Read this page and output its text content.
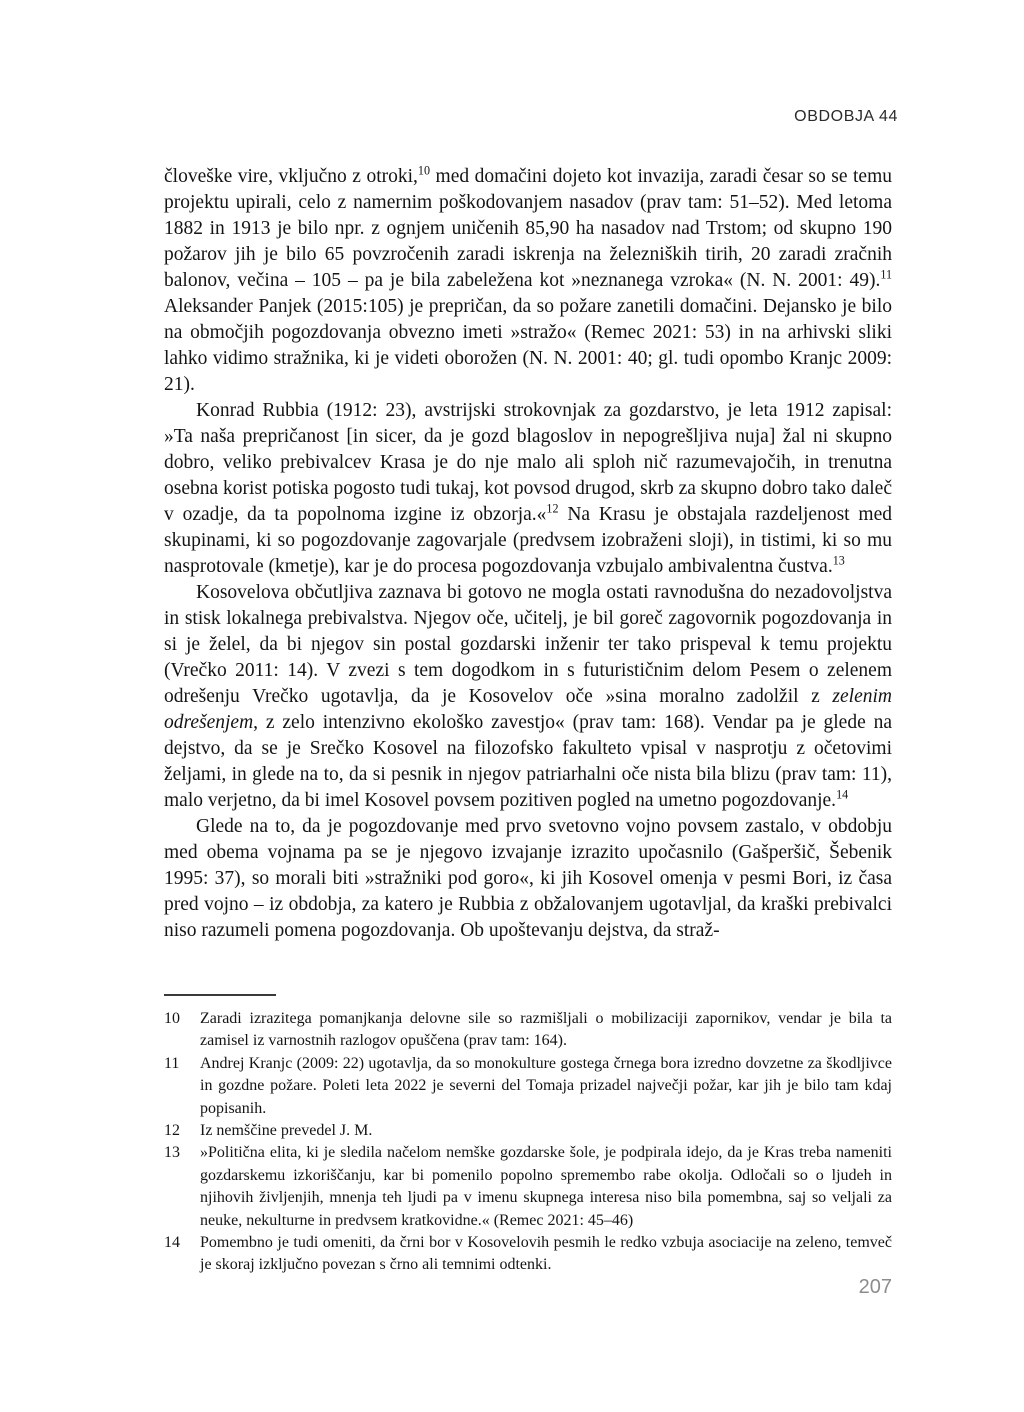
OBDOBJA 44

človeške vire, vključno z otroki,$^{10}$ med domačini dojeto kot invazija, zaradi česar so se temu projektu upirali, celo z namernim poškodovanjem nasadov (prav tam: 51–52). Med letoma 1882 in 1913 je bilo npr. z ognjem uničenih 85,90 ha nasadov nad Trstom; od skupno 190 požarov jih je bilo 65 povzročenih zaradi iskrenja na železniških tirih, 20 zaradi zračnih balonov, večina – 105 – pa je bila zabeležena kot »neznanega vzroka« (N. N. 2001: 49).$^{11}$ Aleksander Panjek (2015:105) je prepričan, da so požare zanetili domačini. Dejansko je bilo na območjih pogozdovanja obvezno imeti »stražo« (Remec 2021: 53) in na arhivski sliki lahko vidimo stražnika, ki je videti oborožen (N. N. 2001: 40; gl. tudi opombo Kranjc 2009: 21).

Konrad Rubbia (1912: 23), avstrijski strokovnjak za gozdarstvo, je leta 1912 zapisal: »Ta naša prepričanost [in sicer, da je gozd blagoslov in nepogrešljiva nuja] žal ni skupno dobro, veliko prebivalcev Krasa je do nje malo ali sploh nič razumevajočih, in trenutna osebna korist potiska pogosto tudi tukaj, kot povsod drugod, skrb za skupno dobro tako daleč v ozadje, da ta popolnoma izgine iz obzorja.«$^{12}$ Na Krasu je obstajala razdeljenost med skupinami, ki so pogozdovanje zagovarjale (predvsem izobraženi sloji), in tistimi, ki so mu nasprotovale (kmetje), kar je do procesa pogozdovanja vzbujalo ambivalentna čustva.$^{13}$

Kosovelova občutljiva zaznava bi gotovo ne mogla ostati ravnodušna do nezadovoljstva in stisk lokalnega prebivalstva. Njegov oče, učitelj, je bil goreč zagovornik pogozdovanja in si je želel, da bi njegov sin postal gozdarski inženir ter tako prispeval k temu projektu (Vrečko 2011: 14). V zvezi s tem dogodkom in s futurističnim delom Pesem o zelenem odrešenju Vrečko ugotavlja, da je Kosovelov oče »sina moralno zadolžil z zelenim odrešenjem, z zelo intenzivno ekološko zavestjo« (prav tam: 168). Vendar pa je glede na dejstvo, da se je Srečko Kosovel na filozofsko fakulteto vpisal v nasprotju z očetovimi željami, in glede na to, da si pesnik in njegov patriarhalni oče nista bila blizu (prav tam: 11), malo verjetno, da bi imel Kosovel povsem pozitiven pogled na umetno pogozdovanje.$^{14}$

Glede na to, da je pogozdovanje med prvo svetovno vojno povsem zastalo, v obdobju med obema vojnama pa se je njegovo izvajanje izrazito upočasnilo (Gašperšič, Šebenik 1995: 37), so morali biti »stražniki pod goro«, ki jih Kosovel omenja v pesmi Bori, iz časa pred vojno – iz obdobja, za katero je Rubbia z obžalovanjem ugotavljal, da kraški prebivalci niso razumeli pomena pogozdovanja. Ob upoštevanju dejstva, da straž-

10	Zaradi izrazitega pomanjkanja delovne sile so razmišljali o mobilizaciji zapornikov, vendar je bila ta zamisel iz varnostnih razlogov opuščena (prav tam: 164).
11	Andrej Kranjc (2009: 22) ugotavlja, da so monokulture gostega črnega bora izredno dovzetne za škodljivce in gozdne požare. Poleti leta 2022 je severni del Tomaja prizadel največji požar, kar jih je bilo tam kdaj popisanih.
12	Iz nemščine prevedel J. M.
13	»Politična elita, ki je sledila načelom nemške gozdarske šole, je podpirala idejo, da je Kras treba nameniti gozdarskemu izkoriščanju, kar bi pomenilo popolno spremembo rabe okolja. Odločali so o ljudeh in njihovih življenjih, mnenja teh ljudi pa v imenu skupnega interesa niso bila pomembna, saj so veljali za neuke, nekulturne in predvsem kratkovidne.« (Remec 2021: 45–46)
14	Pomembno je tudi omeniti, da črni bor v Kosovelovih pesmih le redko vzbuja asociacije na zeleno, temveč je skoraj izključno povezan s črno ali temnimi odtenki.
207
